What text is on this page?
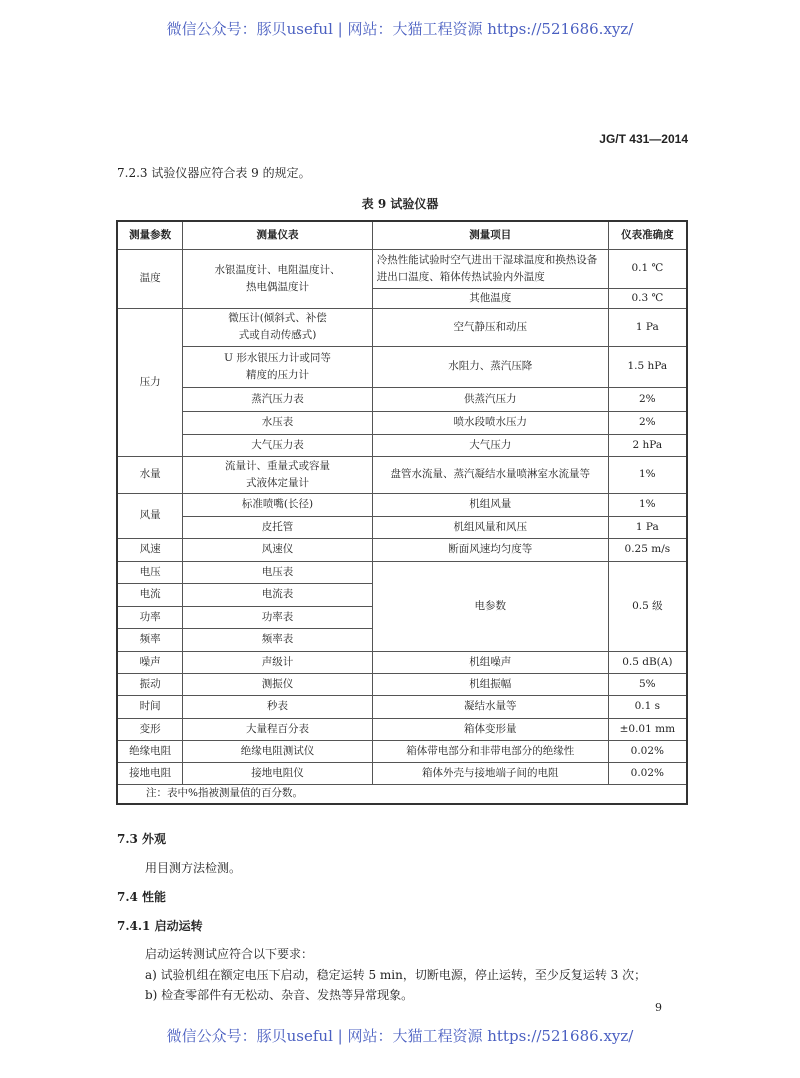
微信公众号：豚贝useful | 网站：大猫工程资源 https://521686.xyz/
JG/T 431—2014
7.2.3 试验仪器应符合表 9 的规定。
表 9 试验仪器
测量参数	测量仪表	测量项目	仪表准确度
温度	水银温度计、电阻温度计、热电偶温度计	冷热性能试验时空气进出干湿球温度和换热设备进出口温度、箱体传热试验内外温度	0.1 ℃
		其他温度	0.3 ℃
压力	微压计(倾斜式、补偿式或自动传感式)	空气静压和动压	1 Pa
	U 形水银压力计或同等精度的压力计	水阻力、蒸汽压降	1.5 hPa
	蒸汽压力表	供蒸汽压力	2%
	水压表	喷水段喷水压力	2%
	大气压力表	大气压力	2 hPa
水量	流量计、重量式或容量式液体定量计	盘管水流量、蒸汽凝结水量喷淋室水流量等	1%
风量	标准喷嘴(长径)	机组风量	1%
	皮托管	机组风量和风压	1 Pa
风速	风速仪	断面风速均匀度等	0.25 m/s
电压	电压表	电参数	0.5 级
电流	电流表		
功率	功率表		
频率	频率表		
噪声	声级计	机组噪声	0.5 dB(A)
振动	测振仪	机组振幅	5%
时间	秒表	凝结水量等	0.1 s
变形	大量程百分表	箱体变形量	±0.01 mm
绝缘电阻	绝缘电阻测试仪	箱体带电部分和非带电部分的绝缘性	0.02%
接地电阻	接地电阻仪	箱体外壳与接地端子间的电阻	0.02%
注：表中%指被测量值的百分数。			
7.3 外观
用目测方法检测。
7.4 性能
7.4.1 启动运转
启动运转测试应符合以下要求：
a) 试验机组在额定电压下启动，稳定运转 5 min，切断电源，停止运转，至少反复运转 3 次；
b) 检查零部件有无松动、杂音、发热等异常现象。
9
微信公众号：豚贝useful | 网站：大猫工程资源 https://521686.xyz/
